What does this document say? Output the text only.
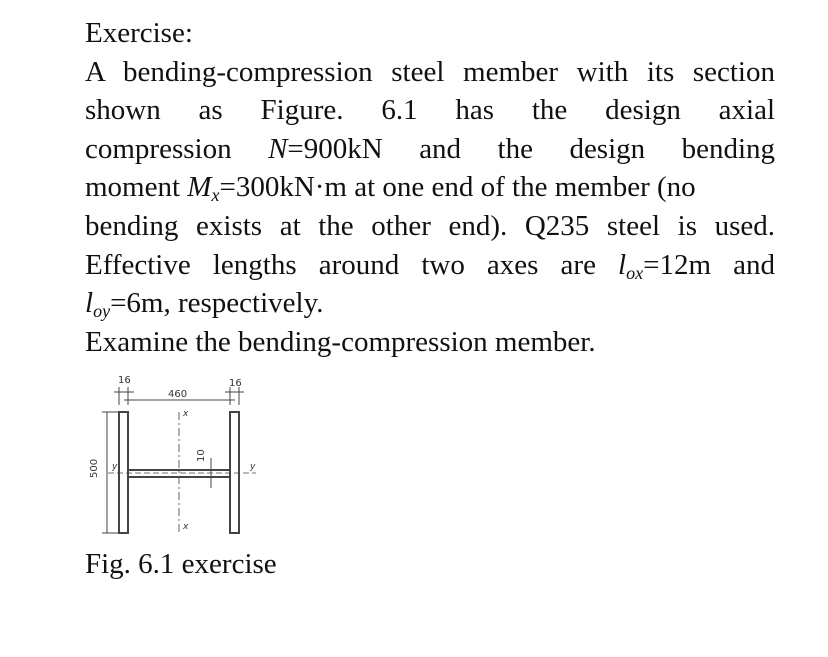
Exercise:
A bending-compression steel member with its section
shown as Figure. 6.1 has the design axial
compression N=900kN and the design bending
moment $M_x=300kN\cdot m$ at one end of the member (no
bending exists at the other end). Q235 steel is used.
Effective lengths around two axes are $l_{ox}=12m$ and
$l_{oy}=6m$, respectively.
Examine the bending-compression member.
16	16
460
500
10
x
x
y	y
Fig. 6.1 exercise
